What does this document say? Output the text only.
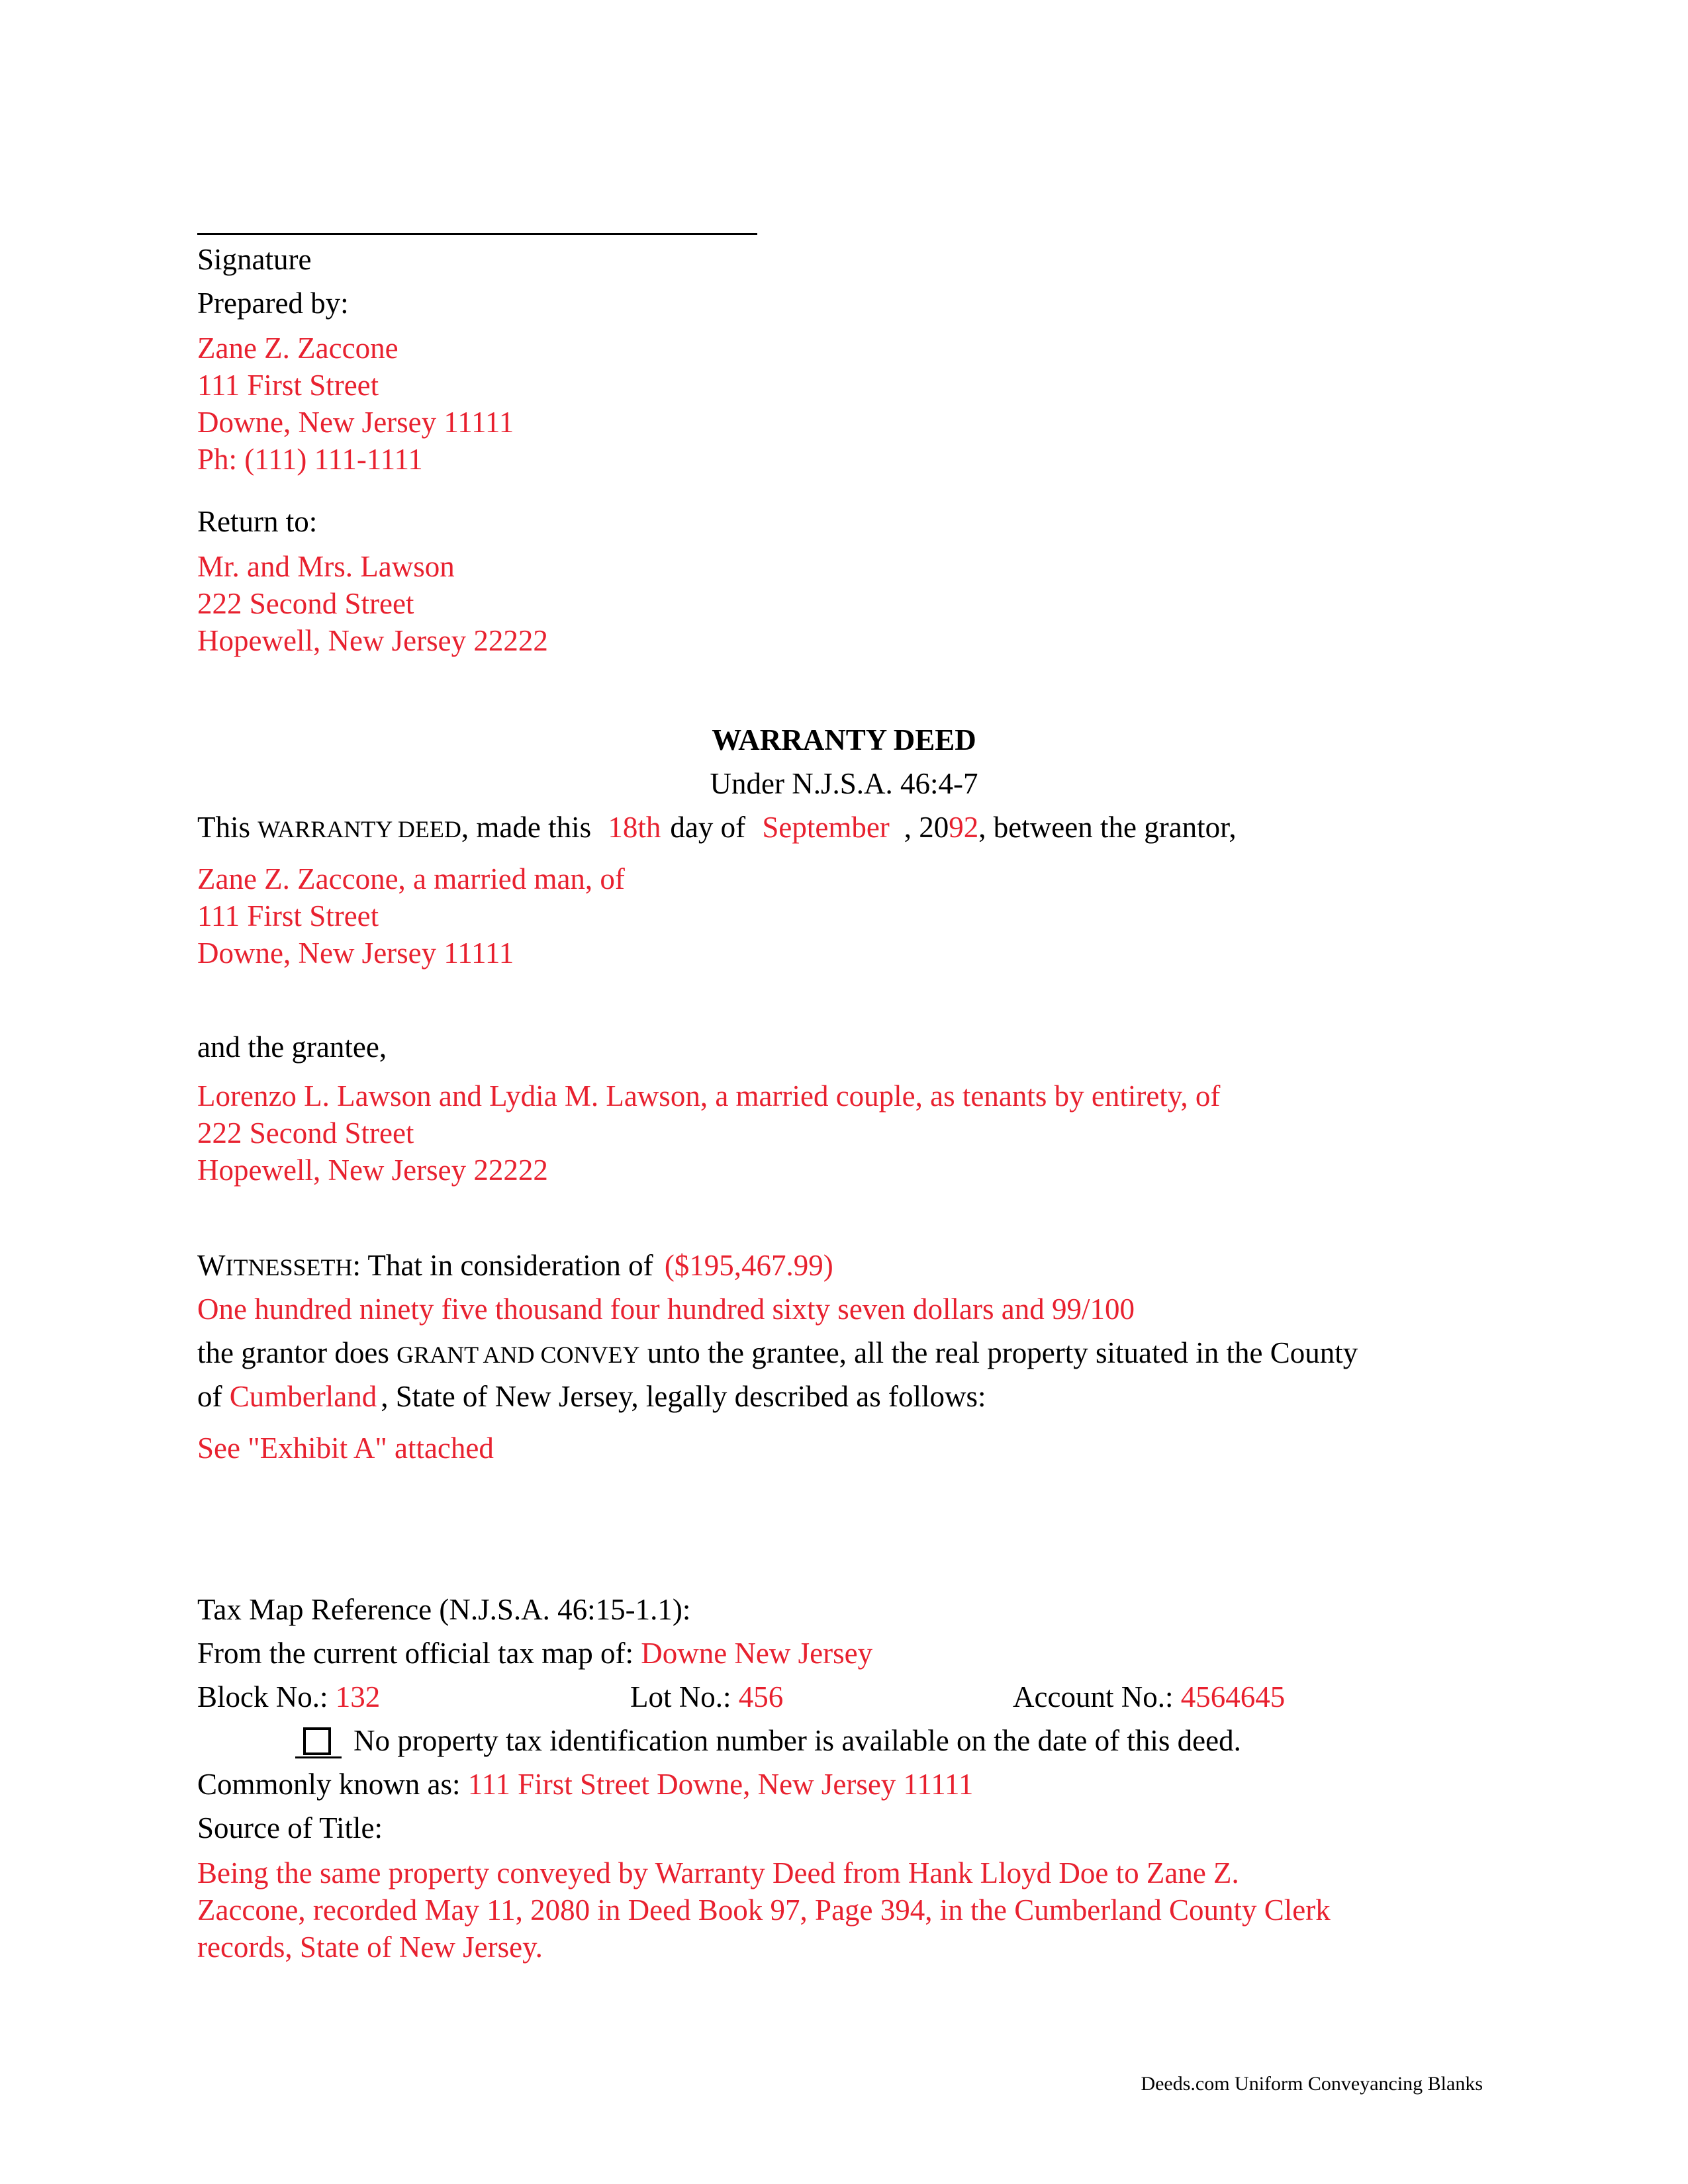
Signature
Prepared by:
Zane Z. Zaccone
111 First Street
Downe, New Jersey 11111
Ph: (111) 111-1111
Return to:
Mr. and Mrs. Lawson
222 Second Street
Hopewell, New Jersey 22222
WARRANTY DEED
Under N.J.S.A. 46:4-7
This WARRANTY DEED, made this 18th day of September , 2092, between the grantor,
Zane Z. Zaccone, a married man, of
111 First Street
Downe, New Jersey 11111
and the grantee,
Lorenzo L. Lawson and Lydia M. Lawson, a married couple, as tenants by entirety, of
222 Second Street
Hopewell, New Jersey 22222
WITNESSETH: That in consideration of ($195,467.99)
One hundred ninety five thousand four hundred sixty seven dollars and 99/100
the grantor does GRANT AND CONVEY unto the grantee, all the real property situated in the County
of Cumberland , State of New Jersey, legally described as follows:
See "Exhibit A" attached
Tax Map Reference (N.J.S.A. 46:15-1.1):
From the current official tax map of: Downe New Jersey
Block No.: 132	Lot No.: 456	Account No.: 4564645
No property tax identification number is available on the date of this deed.
Commonly known as: 111 First Street Downe, New Jersey 11111
Source of Title:
Being the same property conveyed by Warranty Deed from Hank Lloyd Doe to Zane Z.
Zaccone, recorded May 11, 2080 in Deed Book 97, Page 394, in the Cumberland County Clerk
records, State of New Jersey.
Deeds.com Uniform Conveyancing Blanks
